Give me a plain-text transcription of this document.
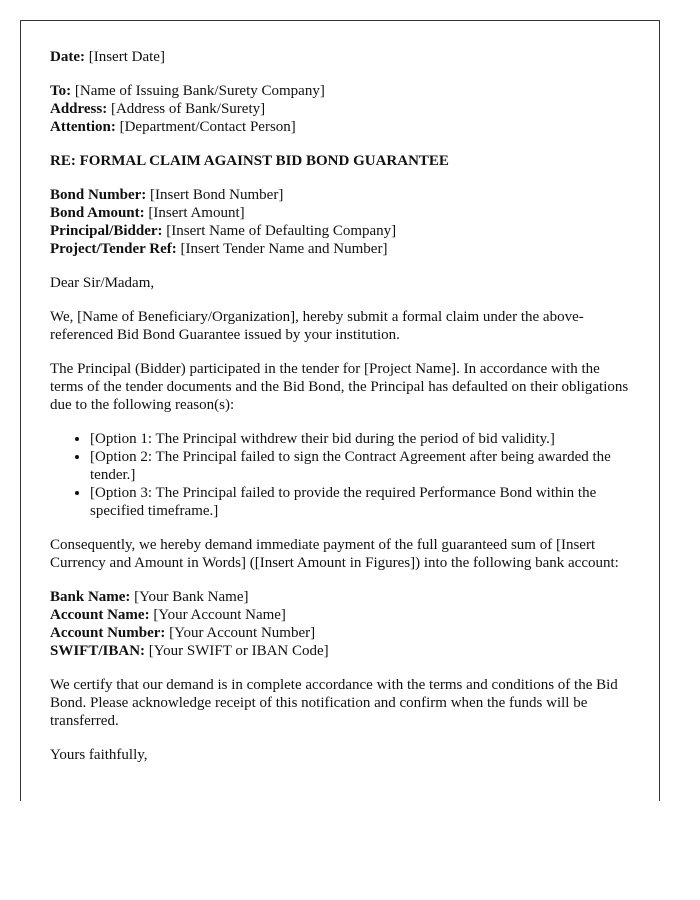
Date: [Insert Date]

To: [Name of Issuing Bank/Surety Company]
Address: [Address of Bank/Surety]
Attention: [Department/Contact Person]
RE: FORMAL CLAIM AGAINST BID BOND GUARANTEE
Bond Number: [Insert Bond Number]
Bond Amount: [Insert Amount]
Principal/Bidder: [Insert Name of Defaulting Company]
Project/Tender Ref: [Insert Tender Name and Number]

Dear Sir/Madam,

We, [Name of Beneficiary/Organization], hereby submit a formal claim under the above-referenced Bid Bond Guarantee issued by your institution.

The Principal (Bidder) participated in the tender for [Project Name]. In accordance with the terms of the tender documents and the Bid Bond, the Principal has defaulted on their obligations due to the following reason(s):

• [Option 1: The Principal withdrew their bid during the period of bid validity.]
• [Option 2: The Principal failed to sign the Contract Agreement after being awarded the tender.]
• [Option 3: The Principal failed to provide the required Performance Bond within the specified timeframe.]

Consequently, we hereby demand immediate payment of the full guaranteed sum of [Insert Currency and Amount in Words] ([Insert Amount in Figures]) into the following bank account:

Bank Name: [Your Bank Name]
Account Name: [Your Account Name]
Account Number: [Your Account Number]
SWIFT/IBAN: [Your SWIFT or IBAN Code]

We certify that our demand is in complete accordance with the terms and conditions of the Bid Bond. Please acknowledge receipt of this notification and confirm when the funds will be transferred.

Yours faithfully,
